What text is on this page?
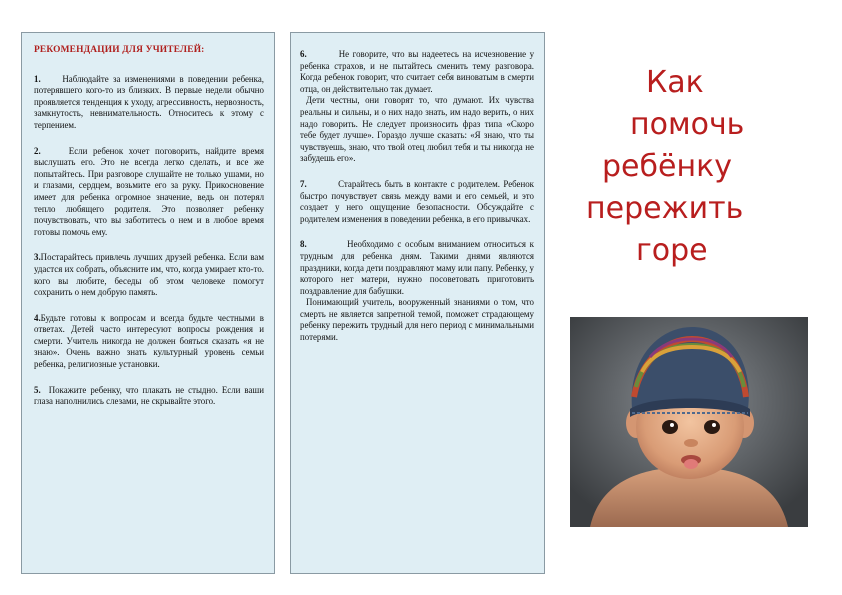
РЕКОМЕНДАЦИИ ДЛЯ УЧИТЕЛЕЙ:

1. Наблюдайте за изменениями в поведении ребенка, потерявшего кого-то из близких. В первые недели обычно проявляется тенденция к уходу, агрессивность, нервозность, замкнутость, невнимательность. Относитесь к этому с терпением.

2.	Если ребенок хочет поговорить, найдите время выслушать его. Это не всегда легко сделать, и все же попытайтесь. При разговоре слушайте не только ушами, но и глазами, сердцем, возьмите его за руку. Прикосновение имеет для ребенка огромное значение, ведь он потерял тепло любящего родителя. Это позволяет ребенку почувствовать, что вы заботитесь о нем и в любое время готовы помочь ему.

3.Постарайтесь привлечь лучших друзей ребенка. Если вам удастся их собрать, объясните им, что, когда умирает кто-то. кого вы любите, беседы об этом человеке помогут сохранить о нем добрую память.

4.Будьте готовы к вопросам и всегда будьте честными в ответах. Детей часто интересуют вопросы рождения и смерти. Учитель никогда не должен бояться сказать «я не знаю». Очень важно знать культурный уровень семьи ребенка, религиозные установки.

5. Покажите ребенку, что плакать не стыдно. Если ваши глаза наполнились слезами, не скрывайте этого.

6.	Не говорите, что вы надеетесь на исчезновение у ребенка страхов, и не пытайтесь сменить тему разговора. Когда ребенок говорит, что считает себя виноватым в смерти отца, он действительно так думает.

Дети честны, они говорят то, что думают. Их чувства реальны и сильны, и о них надо знать, им надо верить, о них надо говорить. Не следует произносить фраз типа «Скоро тебе будет лучше». Гораздо лучше сказать: «Я знаю, что ты чувствуешь, знаю, что твой отец любил тебя и ты никогда не забудешь его».

7.	Старайтесь быть в контакте с родителем. Ребенок быстро почувствует связь между вами и его семьей, и это создает у него ощущение безопасности. Обсуждайте с родителем изменения в поведении ребенка, в его привычках.

8.	Необходимо с особым вниманием относиться к трудным для ребенка дням. Такими днями являются праздники, когда дети поздравляют маму или папу. Ребенку, у которого нет матери, нужно посоветовать приготовить поздравление для бабушки.

Понимающий учитель, вооруженный знаниями о том, что смерть не является запретной темой, поможет страдающему ребенку пережить трудный для него период с минимальными потерями.

Как
помочь
ребёнку
пережить
горе
